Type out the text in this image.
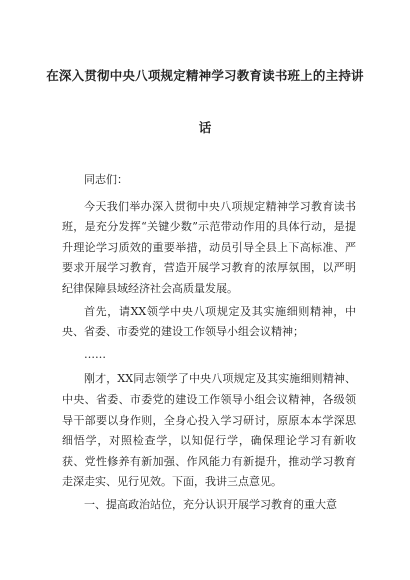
在深入贯彻中央八项规定精神学习教育读书班上的主持讲
话

同志们：

今天我们举办深入贯彻中央八项规定精神学习教育读书班，是充分发挥“关键少数”示范带动作用的具体行动，是提升理论学习质效的重要举措，动员引导全县上下高标准、严要求开展学习教育，营造开展学习教育的浓厚氛围，以严明纪律保障县域经济社会高质量发展。

首先，请XX领学中央八项规定及其实施细则精神，中央、省委、市委党的建设工作领导小组会议精神；

……

刚才，XX同志领学了中央八项规定及其实施细则精神、中央、省委、市委党的建设工作领导小组会议精神，各级领导干部要以身作则，全身心投入学习研讨，原原本本学深思细悟学，对照检查学，以知促行学，确保理论学习有新收获、党性修养有新加强、作风能力有新提升，推动学习教育走深走实、见行见效。下面，我讲三点意见。

一、提高政治站位，充分认识开展学习教育的重大意
